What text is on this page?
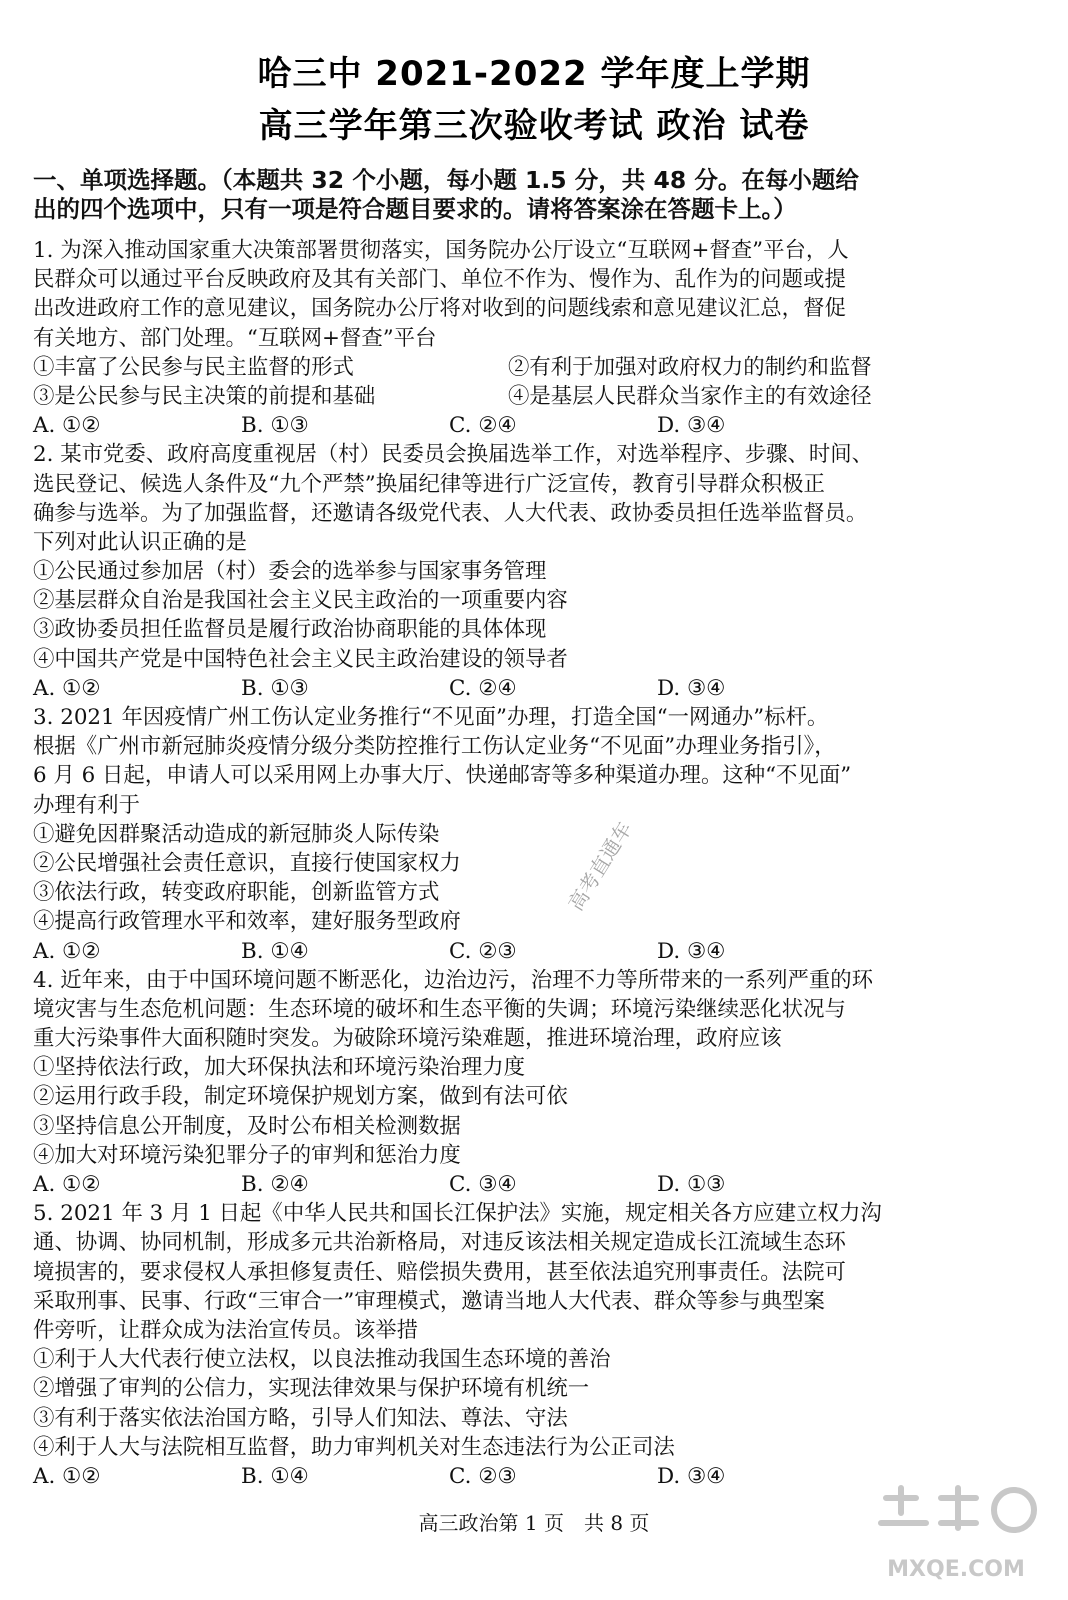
哈三中 2021-2022 学年度上学期
高三学年第三次验收考试 政治 试卷
一、单项选择题。（本题共 32 个小题，每小题 1.5 分，共 48 分。在每小题给
出的四个选项中，只有一项是符合题目要求的。请将答案涂在答题卡上。）
1. 为深入推动国家重大决策部署贯彻落实，国务院办公厅设立“互联网+督查”平台，人
民群众可以通过平台反映政府及其有关部门、单位不作为、慢作为、乱作为的问题或提
出改进政府工作的意见建议，国务院办公厅将对收到的问题线索和意见建议汇总，督促
有关地方、部门处理。“互联网+督查”平台
①丰富了公民参与民主监督的形式	②有利于加强对政府权力的制约和监督
③是公民参与民主决策的前提和基础	④是基层人民群众当家作主的有效途径
A. ①②	B. ①③	C. ②④	D. ③④
2. 某市党委、政府高度重视居（村）民委员会换届选举工作，对选举程序、步骤、时间、
选民登记、候选人条件及“九个严禁”换届纪律等进行广泛宣传，教育引导群众积极正
确参与选举。为了加强监督，还邀请各级党代表、人大代表、政协委员担任选举监督员。
下列对此认识正确的是
①公民通过参加居（村）委会的选举参与国家事务管理
②基层群众自治是我国社会主义民主政治的一项重要内容
③政协委员担任监督员是履行政治协商职能的具体体现
④中国共产党是中国特色社会主义民主政治建设的领导者
A. ①②	B. ①③	C. ②④	D. ③④
3. 2021 年因疫情广州工伤认定业务推行“不见面”办理，打造全国“一网通办”标杆。
根据《广州市新冠肺炎疫情分级分类防控推行工伤认定业务“不见面”办理业务指引》，
6 月 6 日起，申请人可以采用网上办事大厅、快递邮寄等多种渠道办理。这种“不见面”
办理有利于
①避免因群聚活动造成的新冠肺炎人际传染
②公民增强社会责任意识，直接行使国家权力
③依法行政，转变政府职能，创新监管方式
④提高行政管理水平和效率，建好服务型政府
A. ①②	B. ①④	C. ②③	D. ③④
4. 近年来，由于中国环境问题不断恶化，边治边污，治理不力等所带来的一系列严重的环
境灾害与生态危机问题：生态环境的破坏和生态平衡的失调；环境污染继续恶化状况与
重大污染事件大面积随时突发。为破除环境污染难题，推进环境治理，政府应该
①坚持依法行政，加大环保执法和环境污染治理力度
②运用行政手段，制定环境保护规划方案，做到有法可依
③坚持信息公开制度，及时公布相关检测数据
④加大对环境污染犯罪分子的审判和惩治力度
A. ①②	B. ②④	C. ③④	D. ①③
5. 2021 年 3 月 1 日起《中华人民共和国长江保护法》实施，规定相关各方应建立权力沟
通、协调、协同机制，形成多元共治新格局，对违反该法相关规定造成长江流域生态环
境损害的，要求侵权人承担修复责任、赔偿损失费用，甚至依法追究刑事责任。法院可
采取刑事、民事、行政“三审合一”审理模式，邀请当地人大代表、群众等参与典型案
件旁听，让群众成为法治宣传员。该举措
①利于人大代表行使立法权，以良法推动我国生态环境的善治
②增强了审判的公信力，实现法律效果与保护环境有机统一
③有利于落实依法治国方略，引导人们知法、尊法、守法
④利于人大与法院相互监督，助力审判机关对生态违法行为公正司法
A. ①②	B. ①④	C. ②③	D. ③④
高三政治第 1 页　共 8 页
高考直通车
MXQE.COM
